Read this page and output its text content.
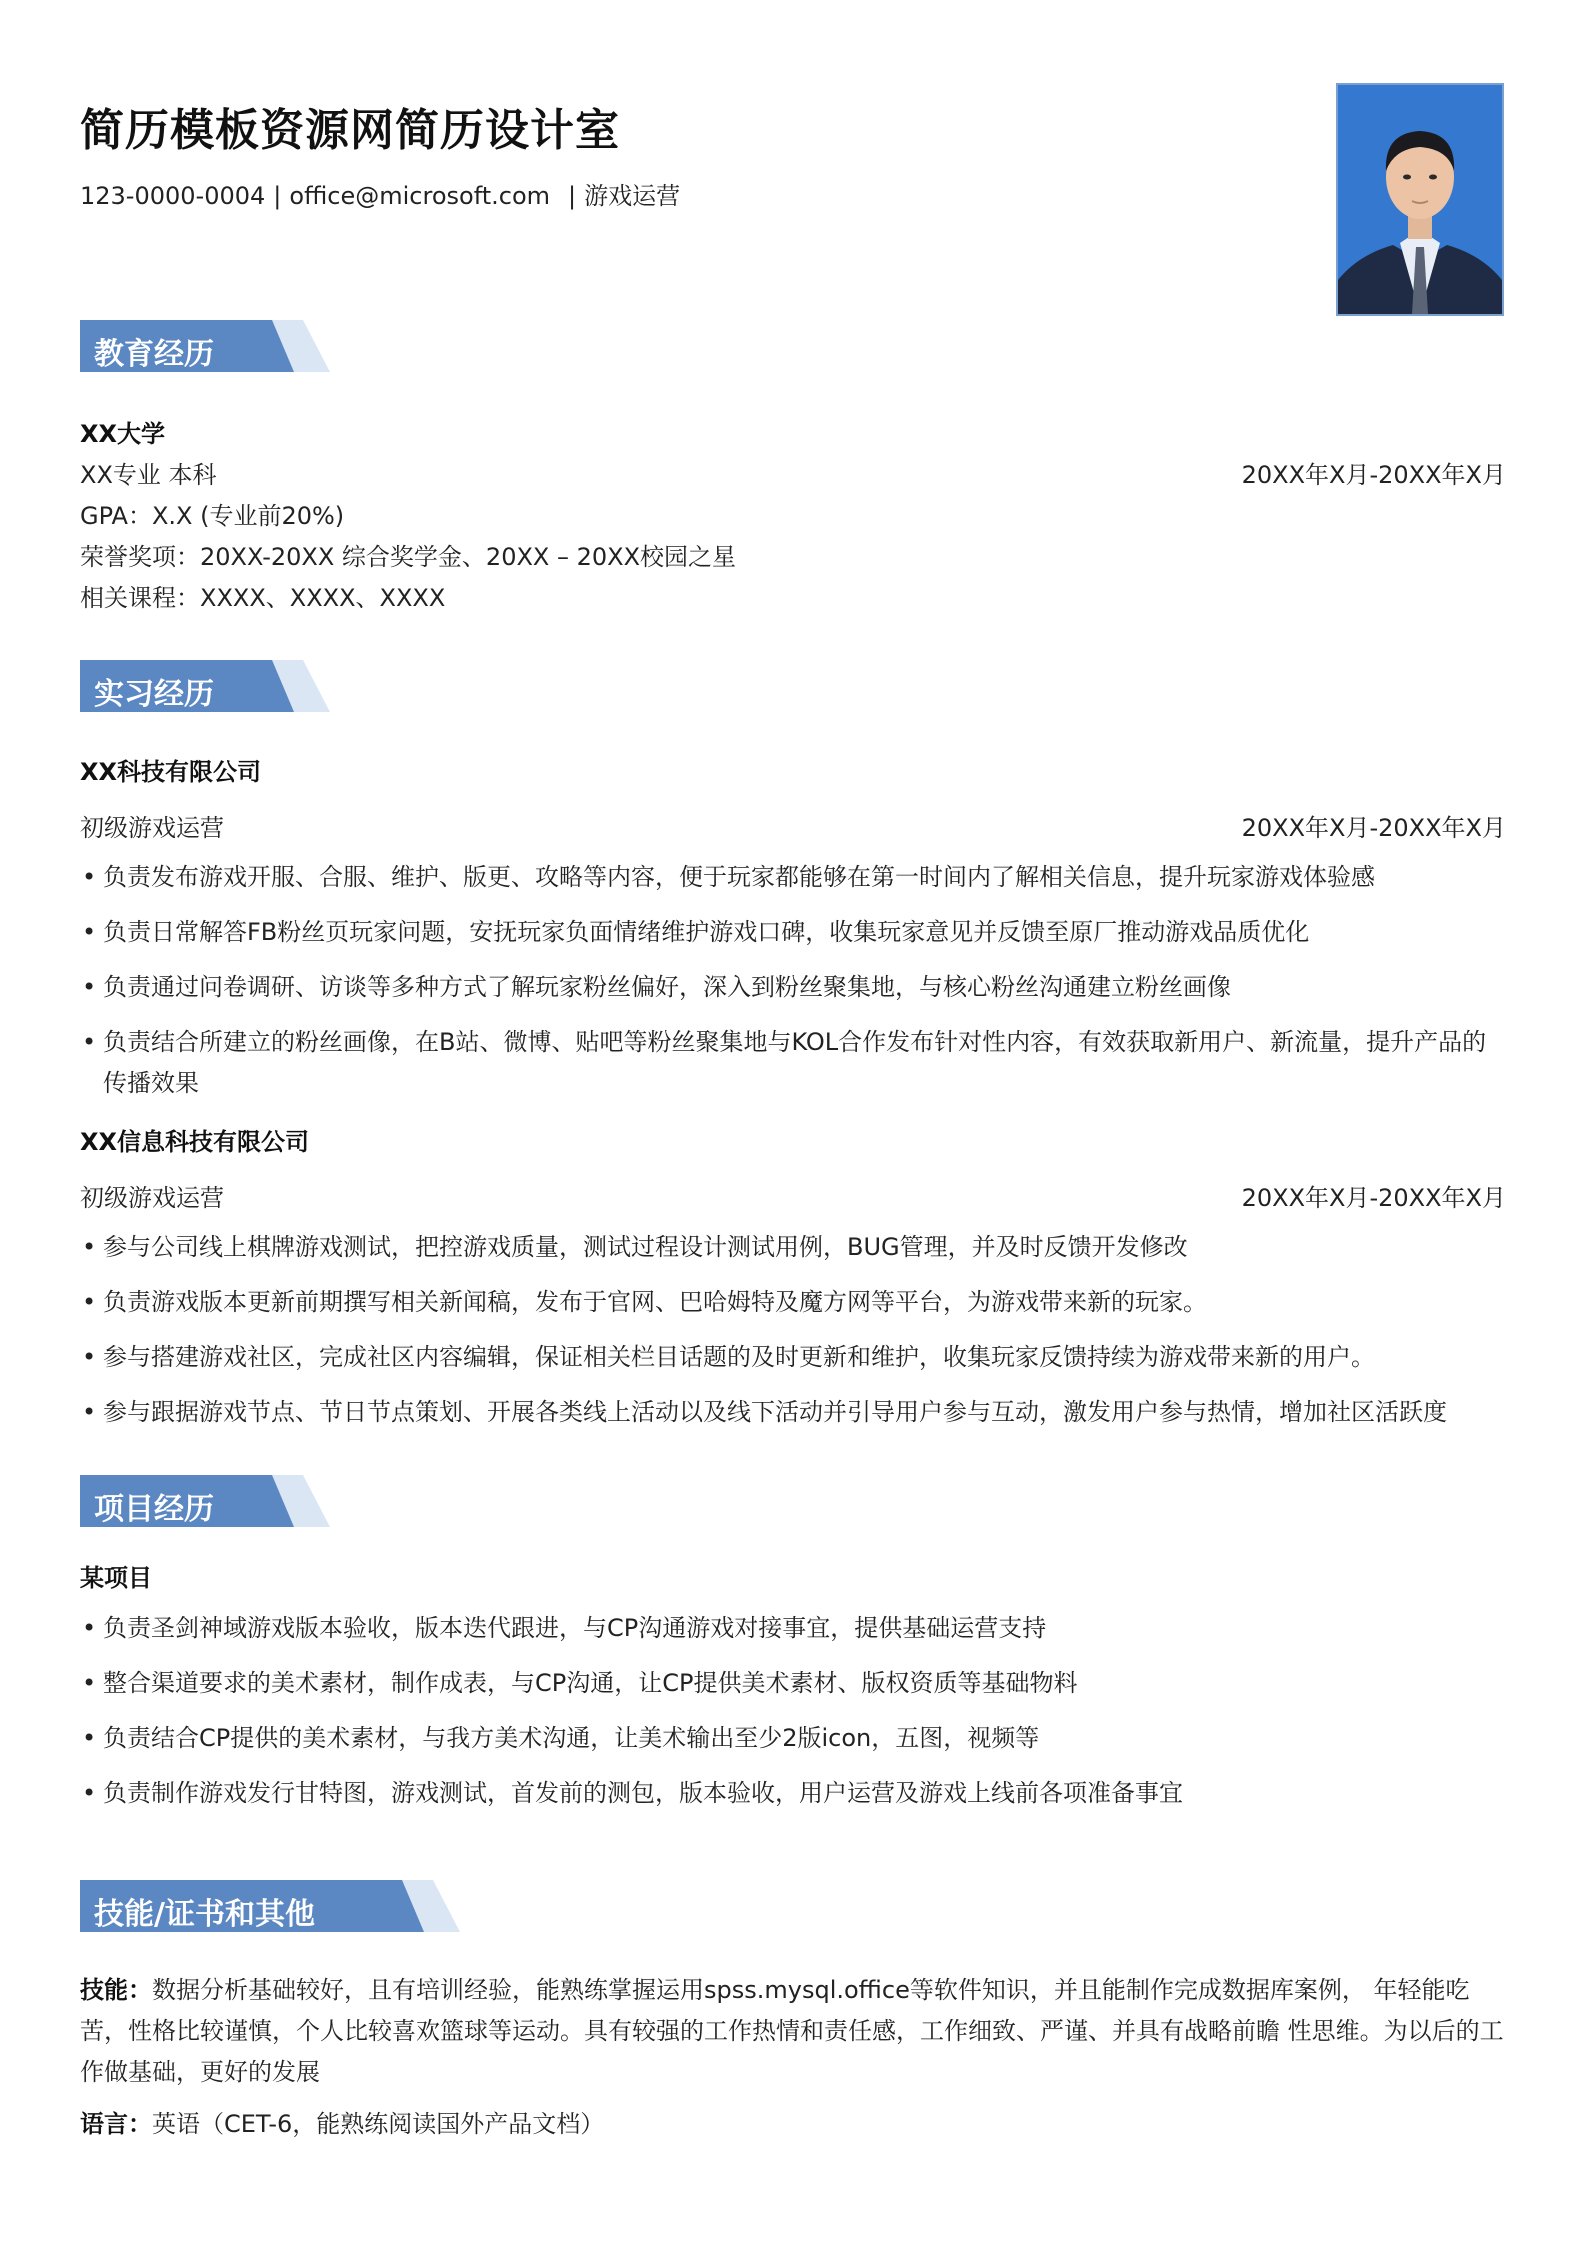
简历模板资源网简历设计室
123-0000-0004 | office@microsoft.com | 游戏运营
教育经历
XX大学
XX专业 本科	20XX年X月-20XX年X月
GPA：X.X (专业前20%)
荣誉奖项：20XX-20XX 综合奖学金、20XX – 20XX校园之星
相关课程：XXXX、XXXX、XXXX
实习经历
XX科技有限公司
初级游戏运营	20XX年X月-20XX年X月
• 负责发布游戏开服、合服、维护、版更、攻略等内容，便于玩家都能够在第一时间内了解相关信息，提升玩家游戏体验感
• 负责日常解答FB粉丝页玩家问题，安抚玩家负面情绪维护游戏口碑，收集玩家意见并反馈至原厂推动游戏品质优化
• 负责通过问卷调研、访谈等多种方式了解玩家粉丝偏好，深入到粉丝聚集地，与核心粉丝沟通建立粉丝画像
• 负责结合所建立的粉丝画像，在B站、微博、贴吧等粉丝聚集地与KOL合作发布针对性内容，有效获取新用户、新流量，提升产品的传播效果
XX信息科技有限公司
初级游戏运营	20XX年X月-20XX年X月
• 参与公司线上棋牌游戏测试，把控游戏质量，测试过程设计测试用例，BUG管理，并及时反馈开发修改
• 负责游戏版本更新前期撰写相关新闻稿，发布于官网、巴哈姆特及魔方网等平台，为游戏带来新的玩家。
• 参与搭建游戏社区，完成社区内容编辑，保证相关栏目话题的及时更新和维护，收集玩家反馈持续为游戏带来新的用户。
• 参与跟据游戏节点、节日节点策划、开展各类线上活动以及线下活动并引导用户参与互动，激发用户参与热情，增加社区活跃度
项目经历
某项目
• 负责圣剑神域游戏版本验收，版本迭代跟进，与CP沟通游戏对接事宜，提供基础运营支持
• 整合渠道要求的美术素材，制作成表，与CP沟通，让CP提供美术素材、版权资质等基础物料
• 负责结合CP提供的美术素材，与我方美术沟通，让美术输出至少2版icon，五图，视频等
• 负责制作游戏发行甘特图，游戏测试，首发前的测包，版本验收，用户运营及游戏上线前各项准备事宜
技能/证书和其他
技能：数据分析基础较好，且有培训经验，能熟练掌握运用spss.mysql.office等软件知识，并且能制作完成数据库案例， 年轻能吃苦，性格比较谨慎，个人比较喜欢篮球等运动。具有较强的工作热情和责任感，工作细致、严谨、并具有战略前瞻 性思维。为以后的工作做基础，更好的发展
语言：英语（CET-6，能熟练阅读国外产品文档）
